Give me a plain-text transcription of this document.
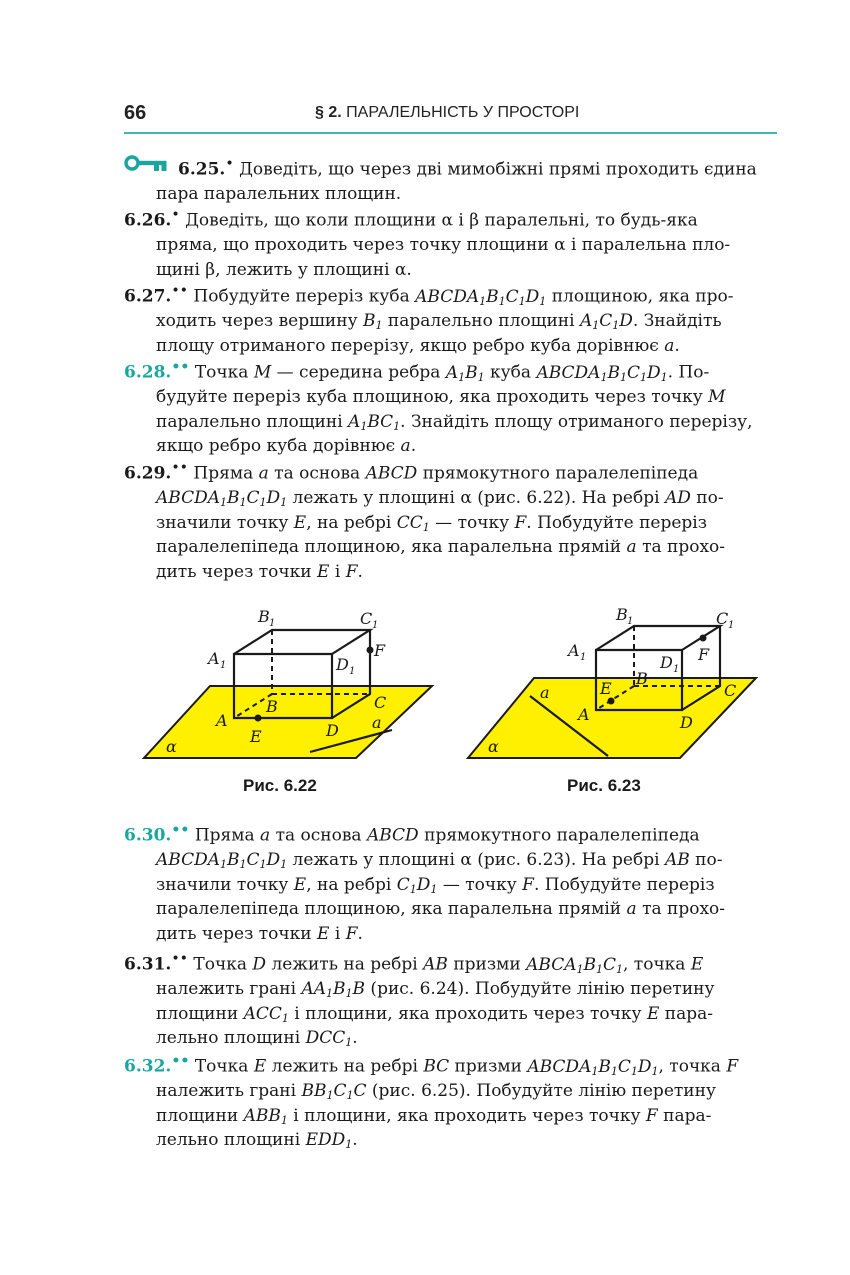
66	§ 2. ПАРАЛЕЛЬНІСТЬ У ПРОСТОРІ

6.25.• Доведіть, що через дві мимобіжні прямі проходить єдина

пара паралельних площин.

6.26.• Доведіть, що коли площини α і β паралельні, то будь-яка

пряма, що проходить через точку площини α і паралельна пло-

щині β, лежить у площині α.

6.27.•• Побудуйте переріз куба $ABCDA_1B_1C_1D_1$ площиною, яка про-

ходить через вершину $B_1$ паралельно площині $A_1C_1D$. Знайдіть

площу отриманого перерізу, якщо ребро куба дорівнює a.

6.28.•• Точка M — середина ребра $A_1B_1$ куба $ABCDA_1B_1C_1D_1$. По-

будуйте переріз куба площиною, яка проходить через точку M

паралельно площині $A_1BC_1$. Знайдіть площу отриманого перерізу,

якщо ребро куба дорівнює a.

6.29.•• Пряма a та основа ABCD прямокутного паралелепіпеда

$ABCDA_1B_1C_1D_1$ лежать у площині α (рис. 6.22). На ребрі AD по-

значили точку E, на ребрі $CC_1$ — точку F. Побудуйте переріз

паралелепіпеда площиною, яка паралельна прямій a та прохо-

дить через точки E і F.

B 1	C 1
A 1	D 1
F
C
B
A
E	D a
α
Рис. 6.22
B 1	C 1
A 1	D 1
F
B
E	C
A	D
a
α
Рис. 6.23

6.30.•• Пряма a та основа ABCD прямокутного паралелепіпеда

$ABCDA_1B_1C_1D_1$ лежать у площині α (рис. 6.23). На ребрі AB по-

значили точку E, на ребрі $C_1D_1$ — точку F. Побудуйте переріз

паралелепіпеда площиною, яка паралельна прямій a та прохо-

дить через точки E і F.

6.31.•• Точка D лежить на ребрі AB призми $ABCA_1B_1C_1$, точка E

належить грані $AA_1B_1B$ (рис. 6.24). Побудуйте лінію перетину

площини $ACC_1$ і площини, яка проходить через точку E пара-

лельно площині $DCC_1$.

6.32.•• Точка E лежить на ребрі BC призми $ABCDA_1B_1C_1D_1$, точка F

належить грані $BB_1C_1C$ (рис. 6.25). Побудуйте лінію перетину

площини $ABB_1$ і площини, яка проходить через точку F пара-

лельно площині $EDD_1$.
